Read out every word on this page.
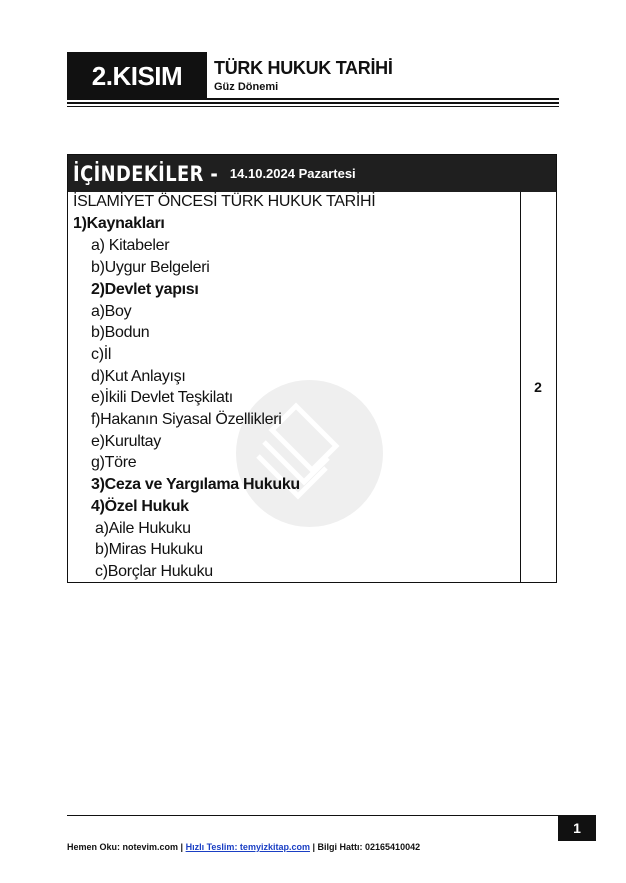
2.KISIM TÜRK HUKUK TARİHİ
Güz Dönemi
İÇİNDEKİLER - 14.10.2024 Pazartesi
2
İSLAMİYET ÖNCESİ TÜRK HUKUK TARİHİ
1)Kaynakları
a) Kitabeler
b)Uygur Belgeleri
2)Devlet yapısı
a)Boy
b)Bodun
c)İl
d)Kut Anlayışı
e)İkili Devlet Teşkilatı
f)Hakanın Siyasal Özellikleri
e)Kurultay
g)Töre
3)Ceza ve Yargılama Hukuku
4)Özel Hukuk
a)Aile Hukuku
b)Miras Hukuku
c)Borçlar Hukuku
1
Hemen Oku: notevim.com | Hızlı Teslim: temyizkitap.com | Bilgi Hattı: 02165410042
